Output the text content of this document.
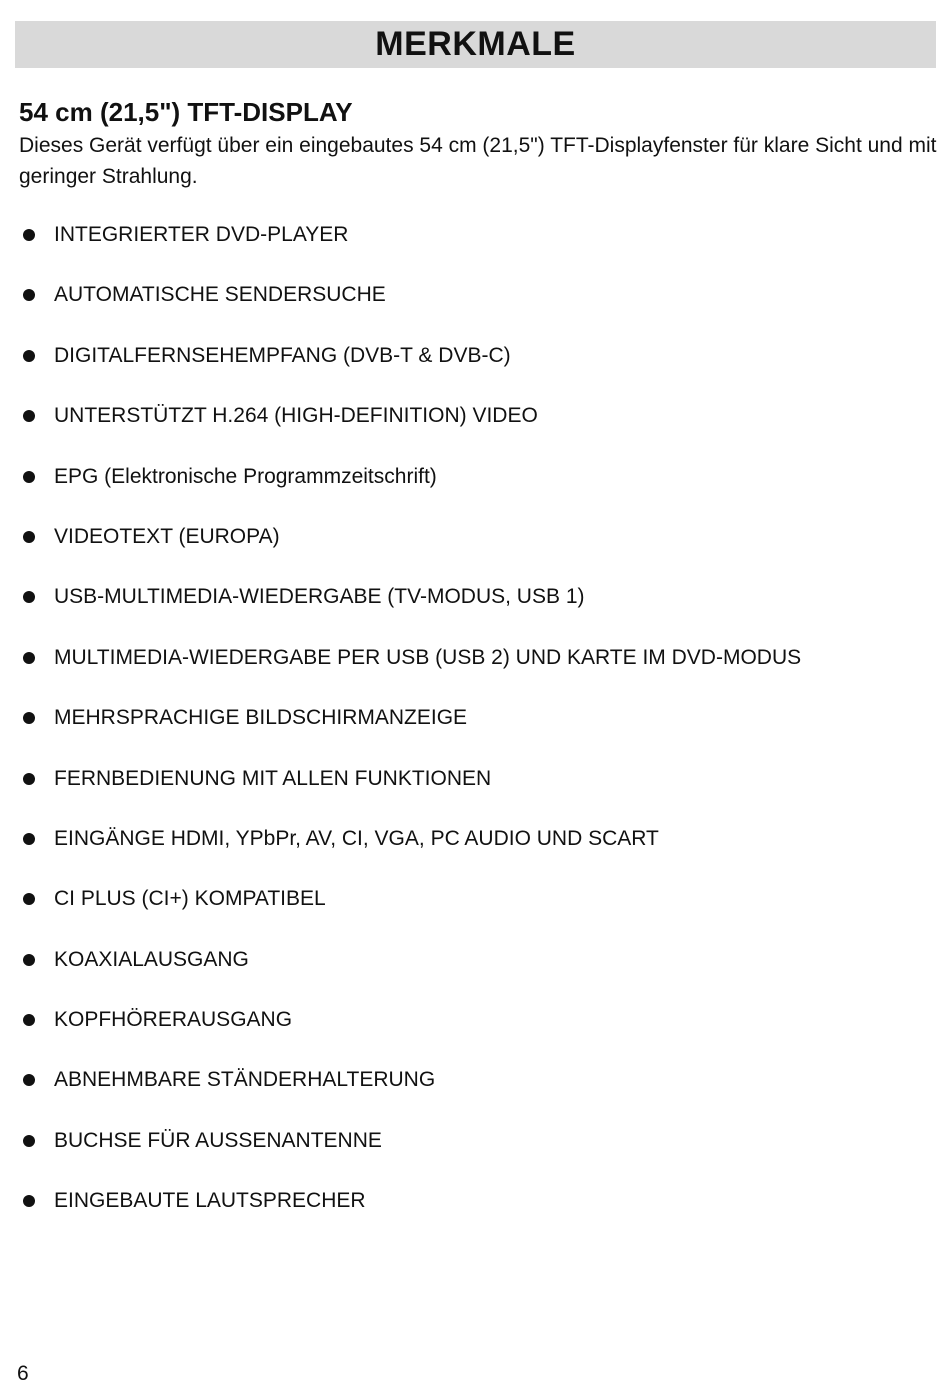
MERKMALE
54 cm (21,5") TFT-DISPLAY

Dieses Gerät verfügt über ein eingebautes 54 cm (21,5") TFT-Displayfenster für klare Sicht und mit geringer Strahlung.

INTEGRIERTER DVD-PLAYER
AUTOMATISCHE SENDERSUCHE
DIGITALFERNSEHEMPFANG (DVB-T & DVB-C)
UNTERSTÜTZT H.264 (HIGH-DEFINITION) VIDEO
EPG (Elektronische Programmzeitschrift)
VIDEOTEXT (EUROPA)
USB-MULTIMEDIA-WIEDERGABE (TV-MODUS, USB 1)
MULTIMEDIA-WIEDERGABE PER USB (USB 2) UND KARTE IM DVD-MODUS
MEHRSPRACHIGE BILDSCHIRMANZEIGE
FERNBEDIENUNG MIT ALLEN FUNKTIONEN
EINGÄNGE HDMI, YPbPr, AV, CI, VGA, PC AUDIO UND SCART
CI PLUS (CI+) KOMPATIBEL
KOAXIALAUSGANG
KOPFHÖRERAUSGANG
ABNEHMBARE STÄNDERHALTERUNG
BUCHSE FÜR AUSSENANTENNE
EINGEBAUTE LAUTSPRECHER
6
